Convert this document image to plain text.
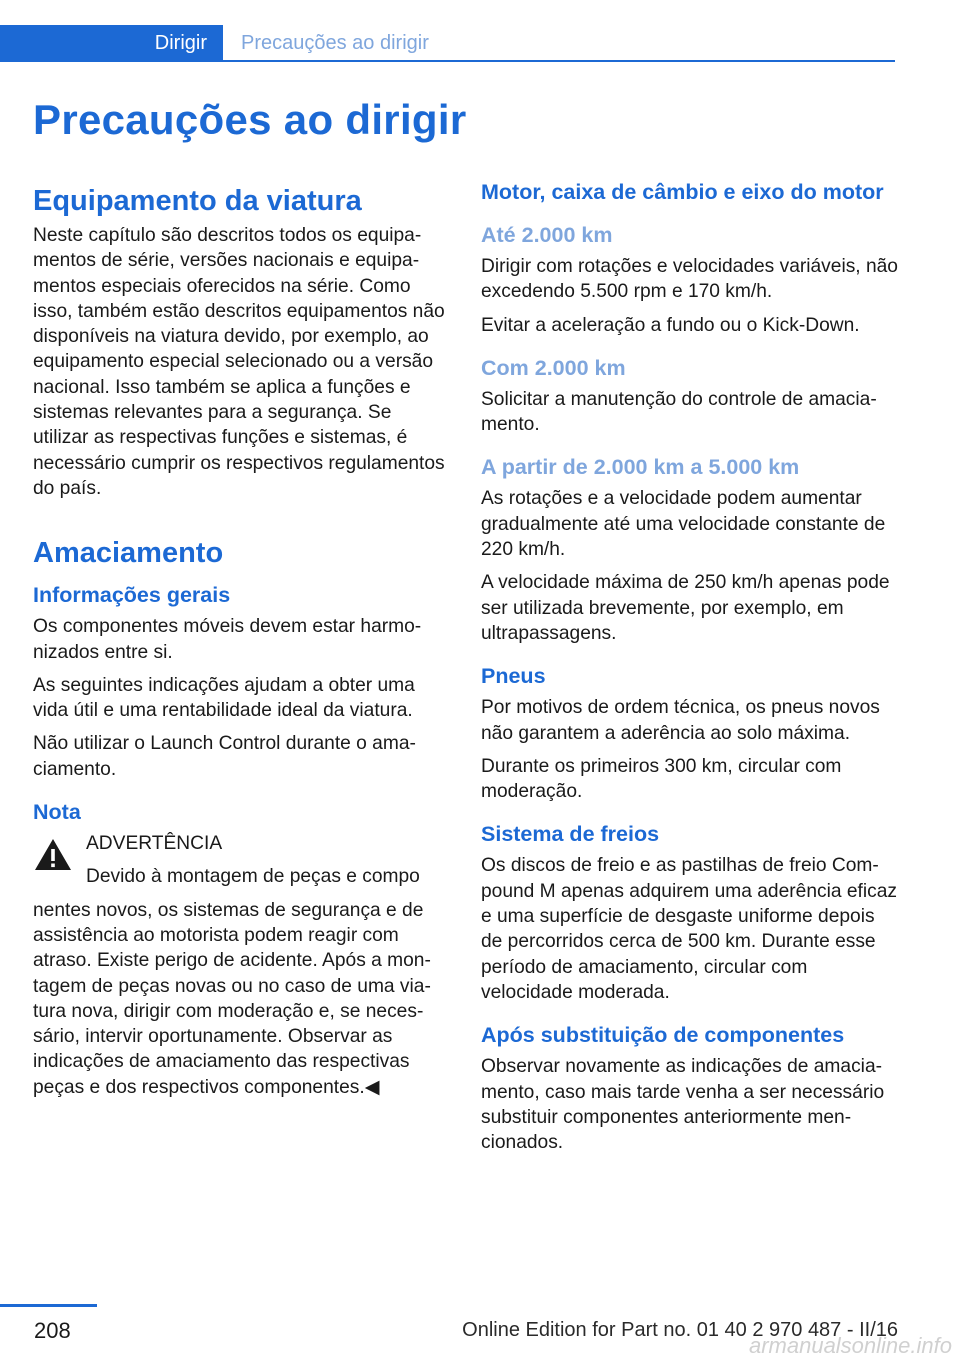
Dirigir Precauções ao dirigir
Precauções ao dirigir
Equipamento da viatura

Neste capítulo são descritos todos os equipamentos de série, versões nacionais e equipamentos especiais oferecidos na série. Como isso, também estão descritos equipamentos não disponíveis na viatura devido, por exemplo, ao equipamento especial selecionado ou a versão nacional. Isso também se aplica a funções e sistemas relevantes para a segurança. Se utilizar as respectivas funções e sistemas, é necessário cumprir os respectivos regulamentos do país.

Amaciamento
Informações gerais

Os componentes móveis devem estar harmonizados entre si.

As seguintes indicações ajudam a obter uma vida útil e uma rentabilidade ideal da viatura.

Não utilizar o Launch Control durante o amaciamento.

Nota

ADVERTÊNCIA

Devido à montagem de peças e compo

nentes novos, os sistemas de segurança e de assistência ao motorista podem reagir com atraso. Existe perigo de acidente. Após a montagem de peças novas ou no caso de uma viatura nova, dirigir com moderação e, se necessário, intervir oportunamente. Observar as indicações de amaciamento das respectivas peças e dos respectivos componentes.◀

Motor, caixa de câmbio e eixo do motor
Até 2.000 km

Dirigir com rotações e velocidades variáveis, não excedendo 5.500 rpm e 170 km/h.

Evitar a aceleração a fundo ou o Kick-Down.

Com 2.000 km

Solicitar a manutenção do controle de amaciamento.

A partir de 2.000 km a 5.000 km

As rotações e a velocidade podem aumentar gradualmente até uma velocidade constante de 220 km/h.

A velocidade máxima de 250 km/h apenas pode ser utilizada brevemente, por exemplo, em ultrapassagens.

Pneus

Por motivos de ordem técnica, os pneus novos não garantem a aderência ao solo máxima.

Durante os primeiros 300 km, circular com moderação.

Sistema de freios

Os discos de freio e as pastilhas de freio Compound M apenas adquirem uma aderência eficaz e uma superfície de desgaste uniforme depois de percorridos cerca de 500 km. Durante esse período de amaciamento, circular com velocidade moderada.

Após substituição de componentes

Observar novamente as indicações de amaciamento, caso mais tarde venha a ser necessário substituir componentes anteriormente mencionados.

208	Online Edition for Part no. 01 40 2 970 487 - II/16
armanualsonline.info
